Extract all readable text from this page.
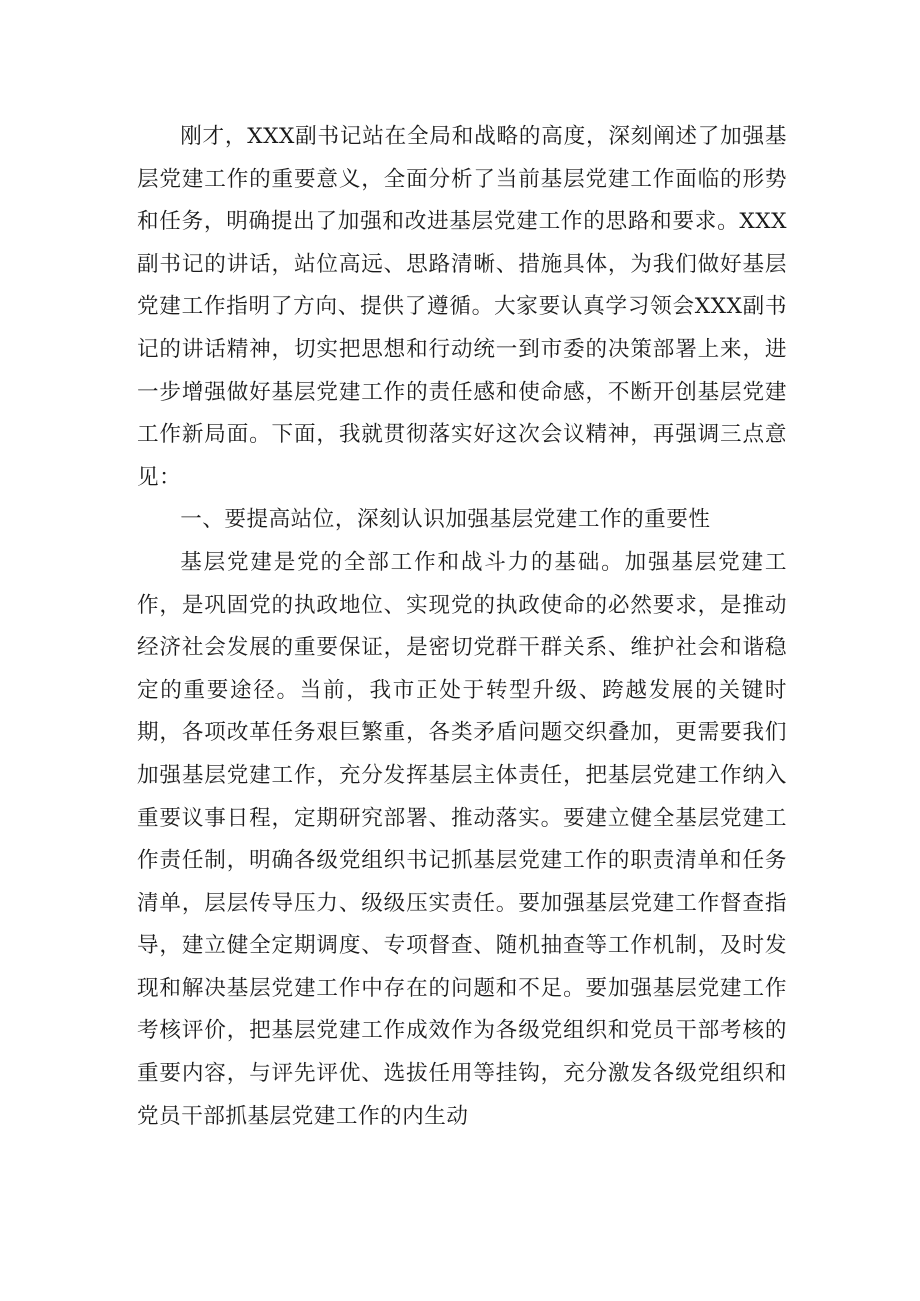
刚才，XXX副书记站在全局和战略的高度，深刻阐述了加强基层党建工作的重要意义，全面分析了当前基层党建工作面临的形势和任务，明确提出了加强和改进基层党建工作的思路和要求。XXX副书记的讲话，站位高远、思路清晰、措施具体，为我们做好基层党建工作指明了方向、提供了遵循。大家要认真学习领会XXX副书记的讲话精神，切实把思想和行动统一到市委的决策部署上来，进一步增强做好基层党建工作的责任感和使命感，不断开创基层党建工作新局面。下面，我就贯彻落实好这次会议精神，再强调三点意见：

一、要提高站位，深刻认识加强基层党建工作的重要性

基层党建是党的全部工作和战斗力的基础。加强基层党建工作，是巩固党的执政地位、实现党的执政使命的必然要求，是推动经济社会发展的重要保证，是密切党群干群关系、维护社会和谐稳定的重要途径。当前，我市正处于转型升级、跨越发展的关键时期，各项改革任务艰巨繁重，各类矛盾问题交织叠加，更需要我们加强基层党建工作，充分发挥基层主体责任，把基层党建工作纳入重要议事日程，定期研究部署、推动落实。要建立健全基层党建工作责任制，明确各级党组织书记抓基层党建工作的职责清单和任务清单，层层传导压力、级级压实责任。要加强基层党建工作督查指导，建立健全定期调度、专项督查、随机抽查等工作机制，及时发现和解决基层党建工作中存在的问题和不足。要加强基层党建工作考核评价，把基层党建工作成效作为各级党组织和党员干部考核的重要内容，与评先评优、选拔任用等挂钩，充分激发各级党组织和党员干部抓基层党建工作的内生动
